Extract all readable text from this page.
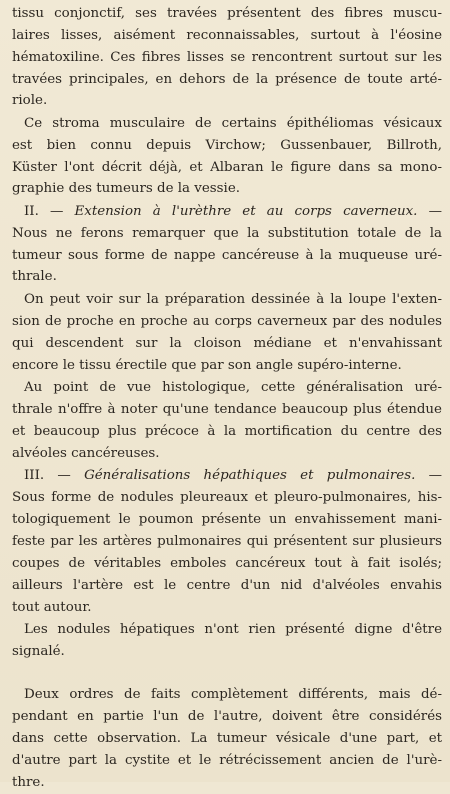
tissu conjonctif, ses travées présentent des fibres muscu-
laires lisses, aisément reconnaissables, surtout à l'éosine
hématoxiline. Ces fibres lisses se rencontrent surtout sur les
travées principales, en dehors de la présence de toute arté-
riole.
Ce stroma musculaire de certains épithéliomas vésicaux
est bien connu depuis Virchow; Gussenbauer, Billroth,
Küster l'ont décrit déjà, et Albaran le figure dans sa mono-
graphie des tumeurs de la vessie.
II. — Extension à l'urèthre et au corps caverneux. —
Nous ne ferons remarquer que la substitution totale de la
tumeur sous forme de nappe cancéreuse à la muqueuse uré-
thrale.
On peut voir sur la préparation dessinée à la loupe l'exten-
sion de proche en proche au corps caverneux par des nodules
qui descendent sur la cloison médiane et n'envahissant
encore le tissu érectile que par son angle supéro-interne.
Au point de vue histologique, cette généralisation uré-
thrale n'offre à noter qu'une tendance beaucoup plus étendue
et beaucoup plus précoce à la mortification du centre des
alvéoles cancéreuses.
III. — Généralisations hépathiques et pulmonaires. —
Sous forme de nodules pleureaux et pleuro-pulmonaires, his-
tologiquement le poumon présente un envahissement mani-
feste par les artères pulmonaires qui présentent sur plusieurs
coupes de véritables emboles cancéreux tout à fait isolés;
ailleurs l'artère est le centre d'un nid d'alvéoles envahis
tout autour.
Les nodules hépatiques n'ont rien présenté digne d'être
signalé.
Deux ordres de faits complètement différents, mais dé-
pendant en partie l'un de l'autre, doivent être considérés
dans cette observation. La tumeur vésicale d'une part, et
d'autre part la cystite et le rétrécissement ancien de l'urè-
thre.
